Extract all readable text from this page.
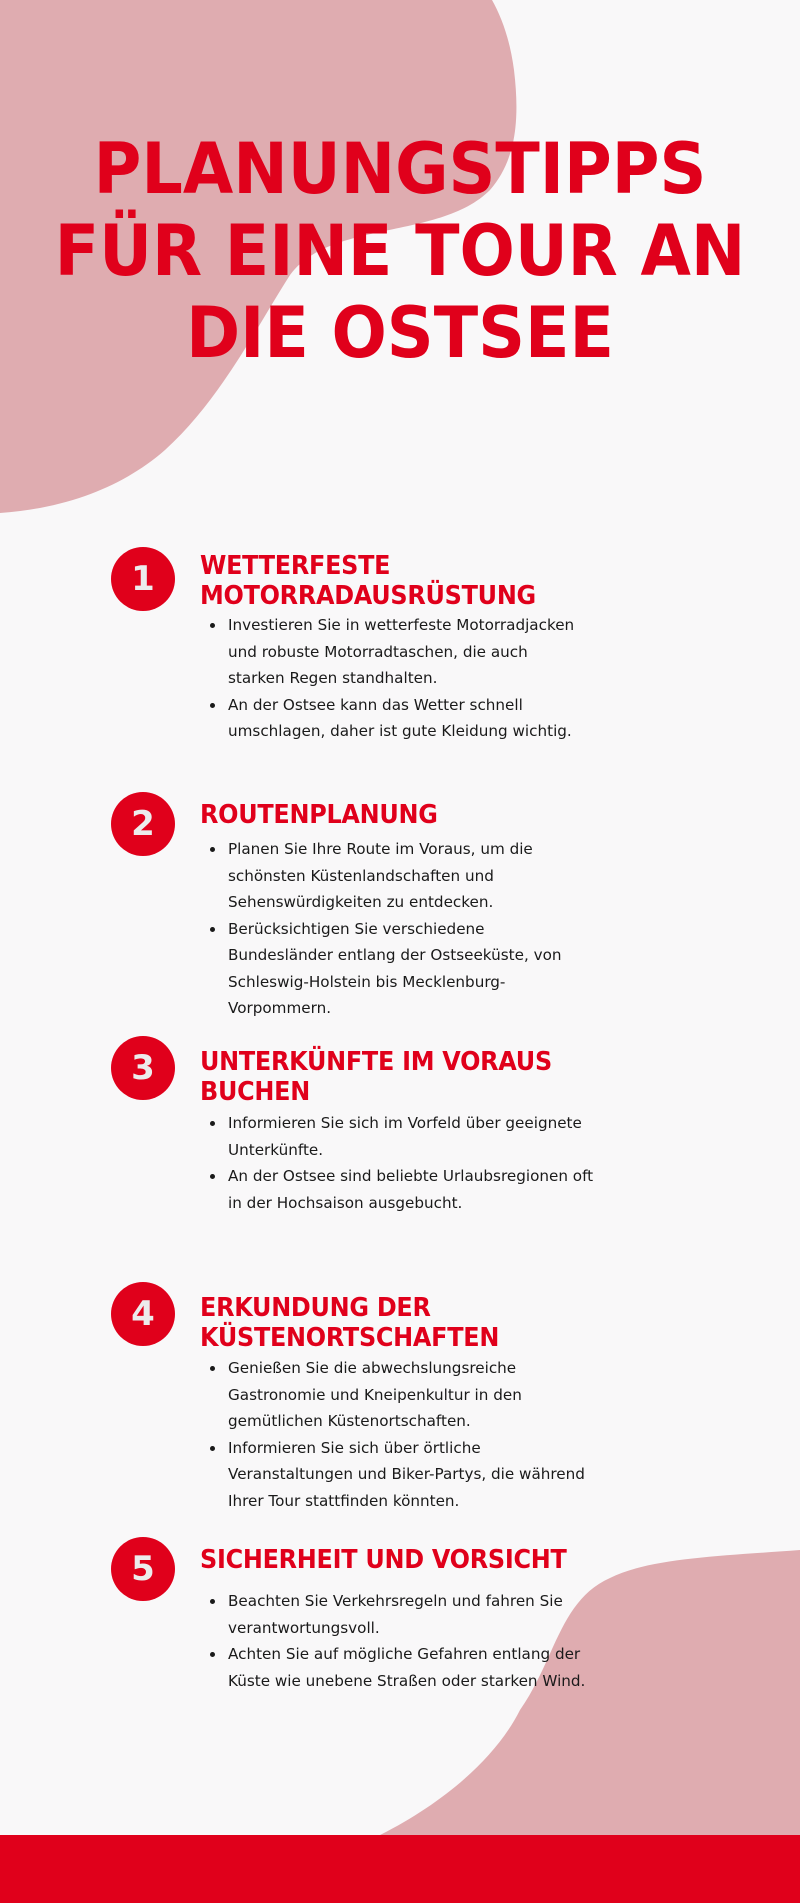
PLANUNGSTIPPS
FÜR EINE TOUR AN
DIE OSTSEE
1 WETTERFESTE
MOTORRADAUSRÜSTUNG
Investieren Sie in wetterfeste Motorradjacken
und robuste Motorradtaschen, die auch
starken Regen standhalten.
An der Ostsee kann das Wetter schnell
umschlagen, daher ist gute Kleidung wichtig.
2 ROUTENPLANUNG
Planen Sie Ihre Route im Voraus, um die
schönsten Küstenlandschaften und
Sehenswürdigkeiten zu entdecken.
Berücksichtigen Sie verschiedene
Bundesländer entlang der Ostseeküste, von
Schleswig-Holstein bis Mecklenburg-
Vorpommern.
3 UNTERKÜNFTE IM VORAUS
BUCHEN
Informieren Sie sich im Vorfeld über geeignete
Unterkünfte.
An der Ostsee sind beliebte Urlaubsregionen oft
in der Hochsaison ausgebucht.
4 ERKUNDUNG DER
KÜSTENORTSCHAFTEN
Genießen Sie die abwechslungsreiche
Gastronomie und Kneipenkultur in den
gemütlichen Küstenortschaften.
Informieren Sie sich über örtliche
Veranstaltungen und Biker-Partys, die während
Ihrer Tour stattfinden könnten.
5 SICHERHEIT UND VORSICHT
Beachten Sie Verkehrsregeln und fahren Sie
verantwortungsvoll.
Achten Sie auf mögliche Gefahren entlang der
Küste wie unebene Straßen oder starken Wind.
